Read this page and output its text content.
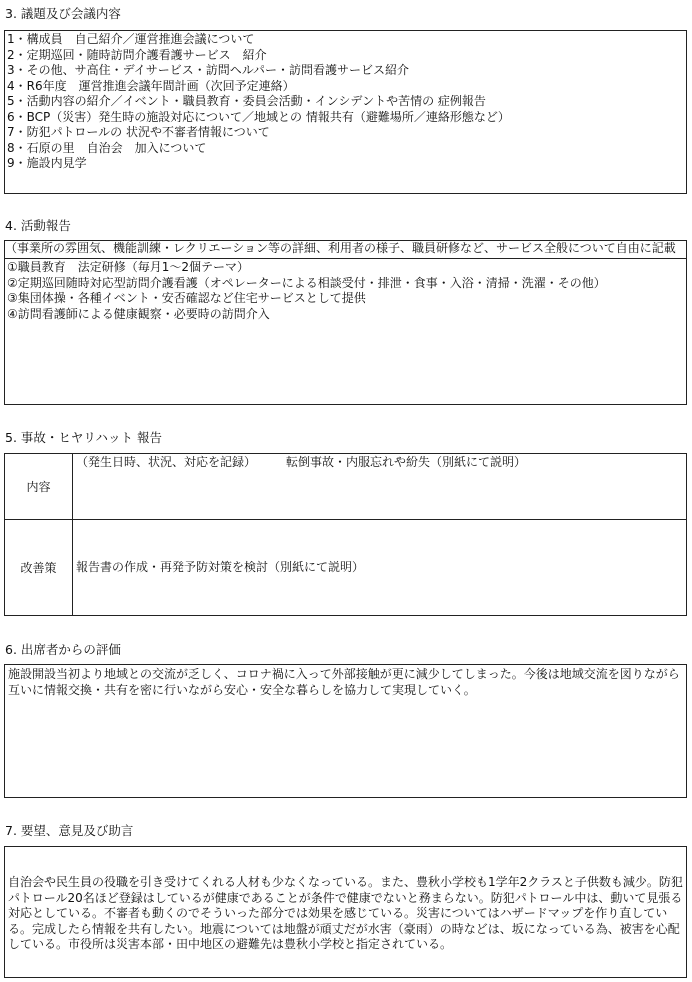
3. 議題及び会議内容
1・構成員　自己紹介／運営推進会議について
2・定期巡回・随時訪問介護看護サービス　紹介
3・その他、サ高住・デイサービス・訪問ヘルパー・訪問看護サービス紹介
4・R6年度　運営推進会議年間計画（次回予定連絡）
5・活動内容の紹介／イベント・職員教育・委員会活動・インシデントや苦情の 症例報告
6・BCP（災害）発生時の施設対応について／地域との 情報共有（避難場所／連絡形態など）
7・防犯パトロールの 状況や不審者情報について
8・石原の里　自治会　加入について
9・施設内見学
4. 活動報告
（事業所の雰囲気、機能訓練・レクリエーション等の詳細、利用者の様子、職員研修など、サービス全般について自由に記載
①職員教育　法定研修（毎月1～2個テーマ）
②定期巡回随時対応型訪問介護看護（オペレーターによる相談受付・排泄・食事・入浴・清掃・洗濯・その他）
③集団体操・各種イベント・安否確認など住宅サービスとして提供
④訪問看護師による健康観察・必要時の訪問介入
5. 事故・ヒヤリハット 報告
内容
（発生日時、状況、対応を記録）　　　転倒事故・内服忘れや紛失（別紙にて説明）
改善策	報告書の作成・再発予防対策を検討（別紙にて説明）
6. 出席者からの評価
施設開設当初より地域との交流が乏しく、コロナ禍に入って外部接触が更に減少してしまった。今後は地域交流を図りながら互いに情報交換・共有を密に行いながら安心・安全な暮らしを協力して実現していく。
7. 要望、意見及び助言
自治会や民生員の役職を引き受けてくれる人材も少なくなっている。また、豊秋小学校も1学年2クラスと子供数も減少。防犯パトロール20名ほど登録はしているが健康であることが条件で健康でないと務まらない。防犯パトロール中は、動いて見張る対応としている。不審者も動くのでそういった部分では効果を感じている。災害についてはハザードマップを作り直している。完成したら情報を共有したい。地震については地盤が頑丈だが水害（豪雨）の時などは、坂になっている為、被害を心配している。市役所は災害本部・田中地区の避難先は豊秋小学校と指定されている。
